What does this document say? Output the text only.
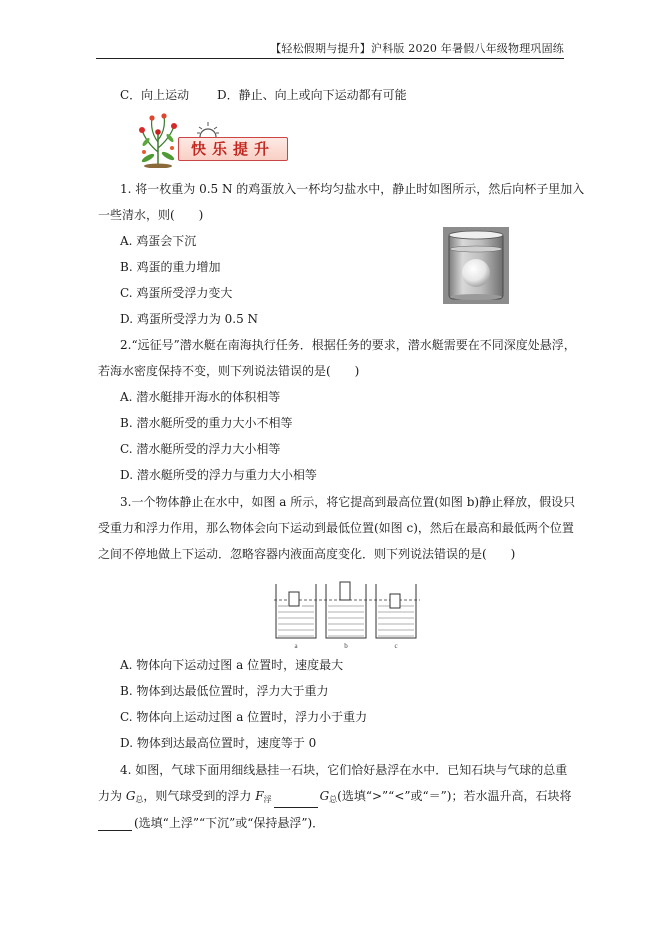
【轻松假期与提升】沪科版 2020 年暑假八年级物理巩固练
C．向上运动 D．静止、向上或向下运动都有可能
快乐提升
1. 将一枚重为 0.5 N 的鸡蛋放入一杯均匀盐水中，静止时如图所示，然后向杯子里加入
一些清水，则(　　)
A. 鸡蛋会下沉
B. 鸡蛋的重力增加
C. 鸡蛋所受浮力变大
D. 鸡蛋所受浮力为 0.5 N
2.“远征号”潜水艇在南海执行任务．根据任务的要求，潜水艇需要在不同深度处悬浮，
若海水密度保持不变，则下列说法错误的是(　　)
A. 潜水艇排开海水的体积相等
B. 潜水艇所受的重力大小不相等
C. 潜水艇所受的浮力大小相等
D. 潜水艇所受的浮力与重力大小相等
3.一个物体静止在水中，如图 a 所示，将它提高到最高位置(如图 b)静止释放，假设只
受重力和浮力作用，那么物体会向下运动到最低位置(如图 c)，然后在最高和最低两个位置
之间不停地做上下运动．忽略容器内液面高度变化．则下列说法错误的是(　　)
a	b	c
A. 物体向下运动过图 a 位置时，速度最大
B. 物体到达最低位置时，浮力大于重力
C. 物体向上运动过图 a 位置时，浮力小于重力
D. 物体到达最高位置时，速度等于 0
4. 如图，气球下面用细线悬挂一石块，它们恰好悬浮在水中．已知石块与气球的总重
力为 $G_总$，则气球受到的浮力 $F_浮$	$G_总$(选填“>”“<”或“＝”)；若水温升高，石块将
(选填“上浮”“下沉”或“保持悬浮”)．
